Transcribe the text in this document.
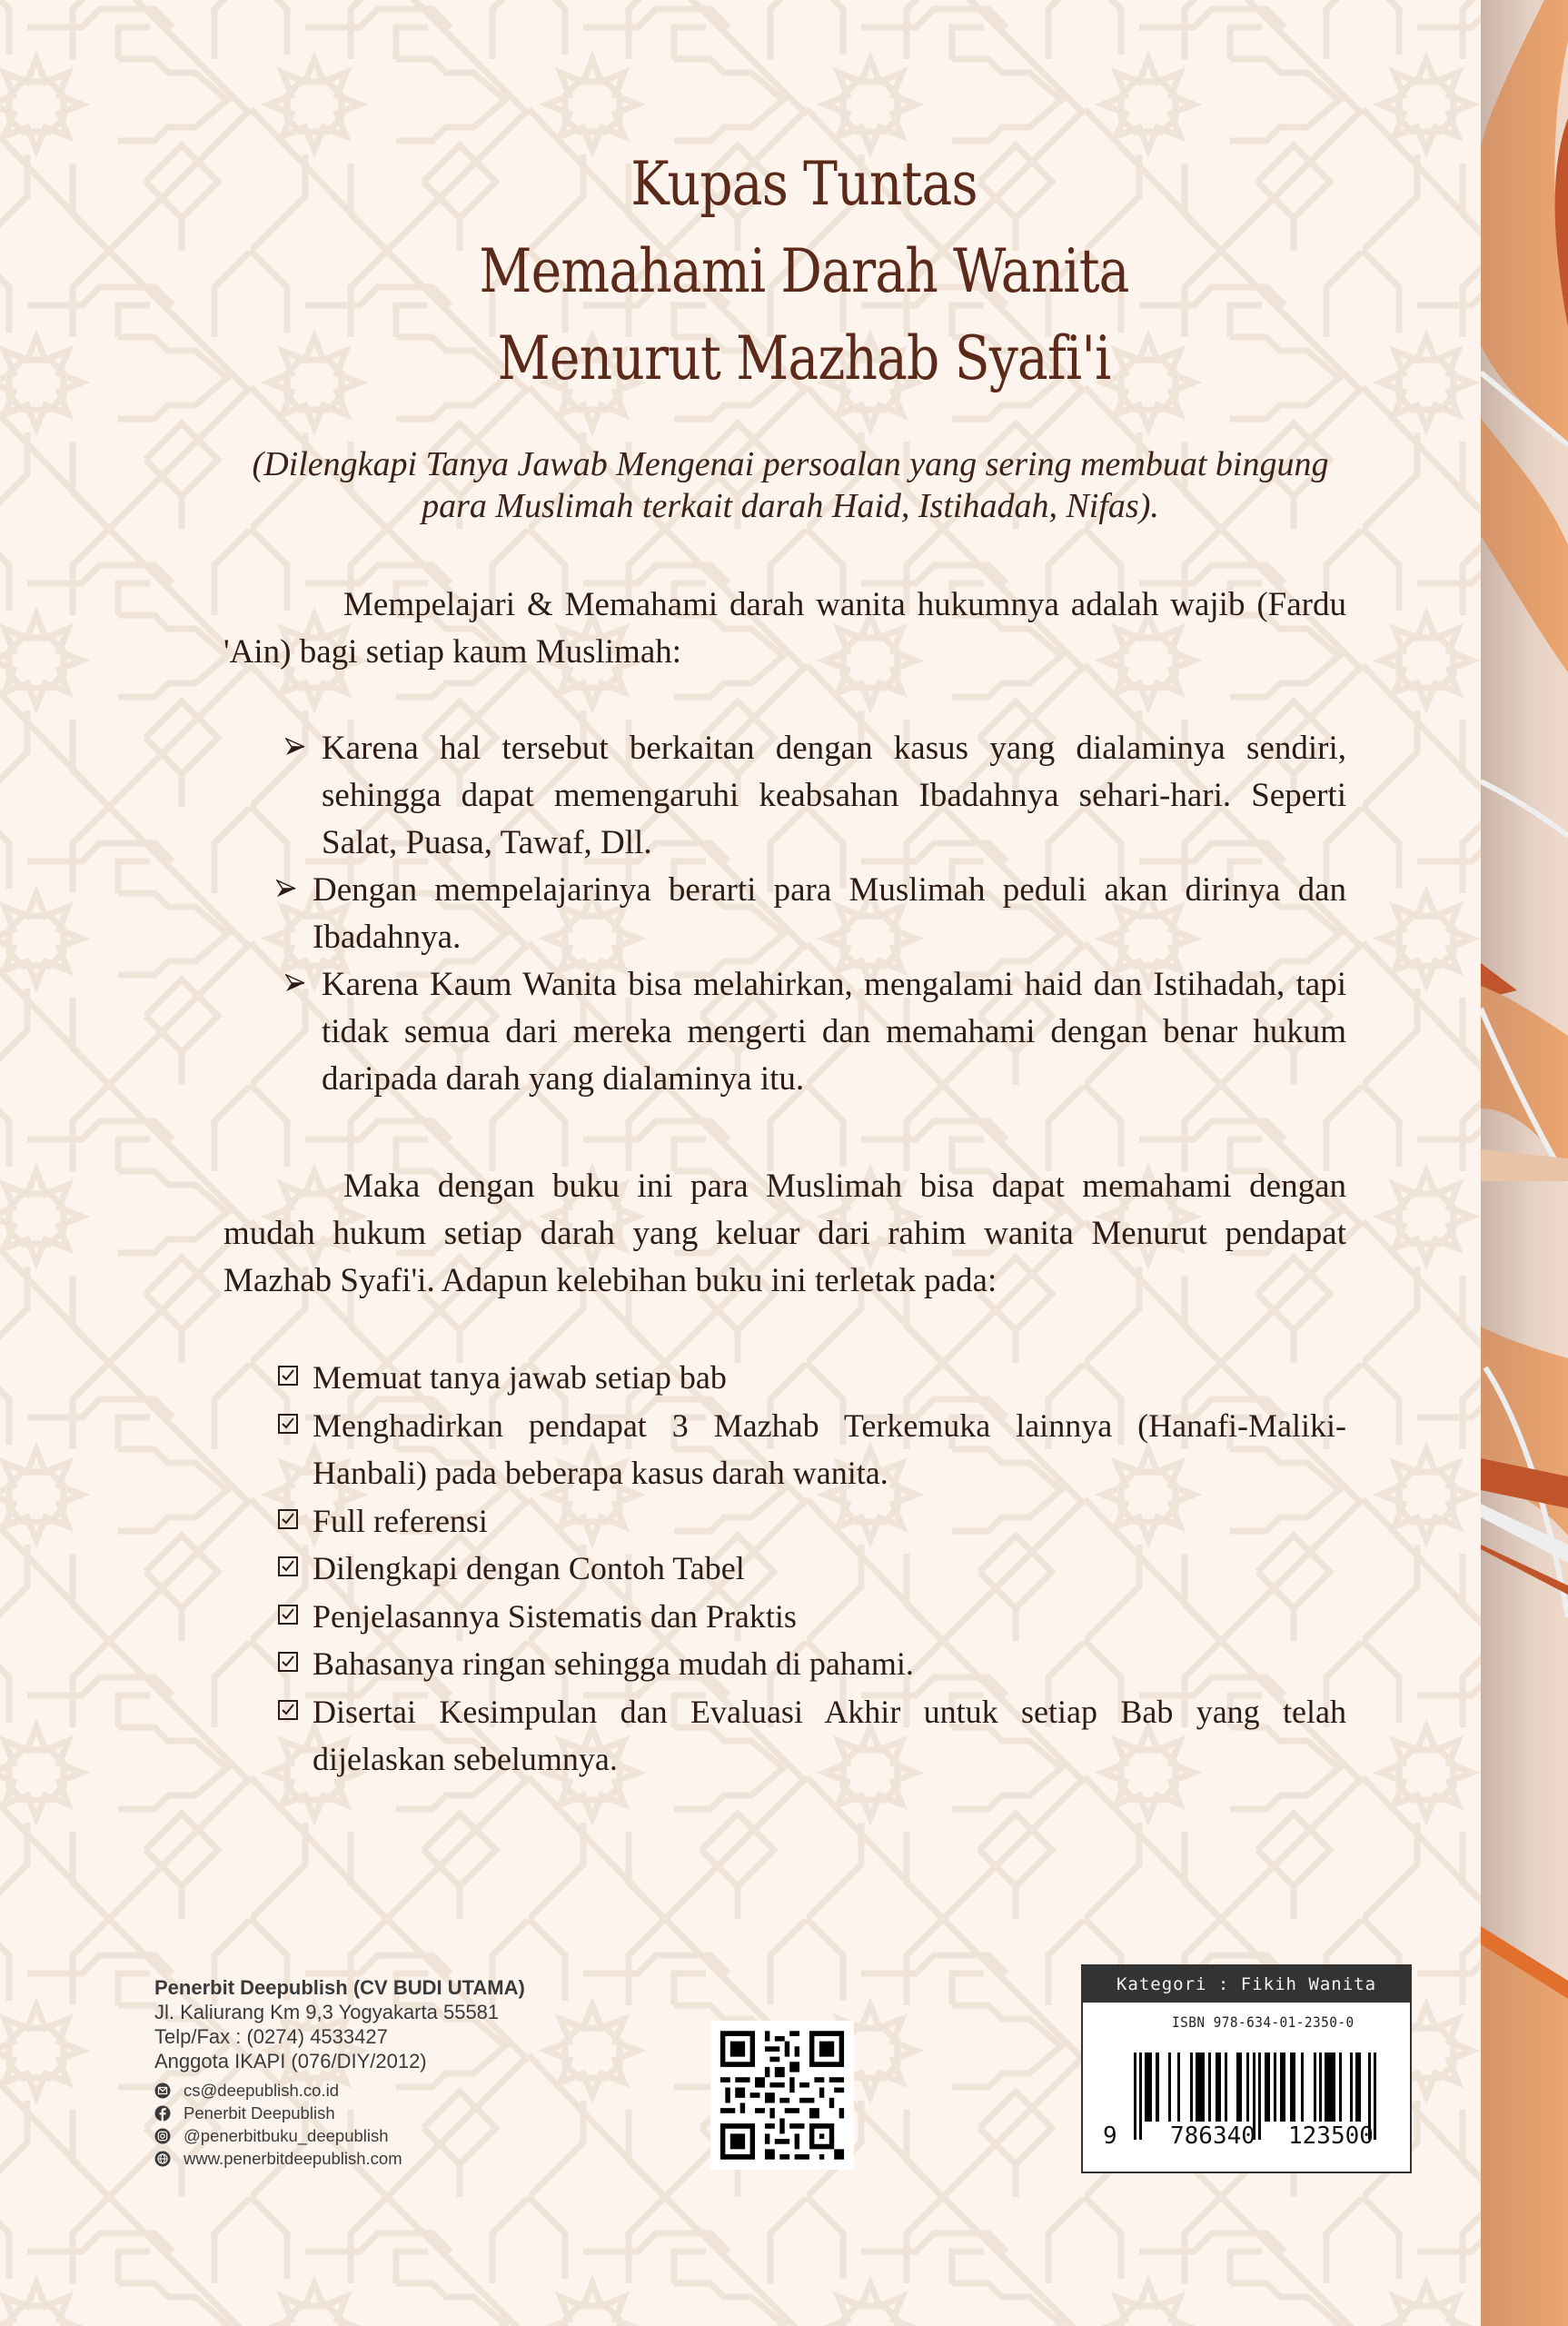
Kupas Tuntas
Memahami Darah Wanita
Menurut Mazhab Syafi'i
(Dilengkapi Tanya Jawab Mengenai persoalan yang sering membuat bingung
para Muslimah terkait darah Haid, Istihadah, Nifas).
Mempelajari & Memahami darah wanita hukumnya adalah wajib (Fardu 'Ain) bagi setiap kaum Muslimah:
Karena hal tersebut berkaitan dengan kasus yang dialaminya sendiri, sehingga dapat memengaruhi keabsahan Ibadahnya sehari-hari. Seperti Salat, Puasa, Tawaf, Dll.
Dengan mempelajarinya berarti para Muslimah peduli akan dirinya dan Ibadahnya.
Karena Kaum Wanita bisa melahirkan, mengalami haid dan Istihadah, tapi tidak semua dari mereka mengerti dan memahami dengan benar hukum daripada darah yang dialaminya itu.
Maka dengan buku ini para Muslimah bisa dapat memahami dengan mudah hukum setiap darah yang keluar dari rahim wanita Menurut pendapat Mazhab Syafi'i. Adapun kelebihan buku ini terletak pada:
Memuat tanya jawab setiap bab
Menghadirkan pendapat 3 Mazhab Terkemuka lainnya (Hanafi-Maliki-Hanbali) pada beberapa kasus darah wanita.
Full referensi
Dilengkapi dengan Contoh Tabel
Penjelasannya Sistematis dan Praktis
Bahasanya ringan sehingga mudah di pahami.
Disertai Kesimpulan dan Evaluasi Akhir untuk setiap Bab yang telah dijelaskan sebelumnya.
Penerbit Deepublish (CV BUDI UTAMA)
Jl. Kaliurang Km 9,3 Yogyakarta 55581
Telp/Fax : (0274) 4533427
Anggota IKAPI (076/DIY/2012)
cs@deepublish.co.id
Penerbit Deepublish
@penerbitbuku_deepublish
www.penerbitdeepublish.com
Kategori : Fikih Wanita
ISBN 978-634-01-2350-0
9 786340 123500
